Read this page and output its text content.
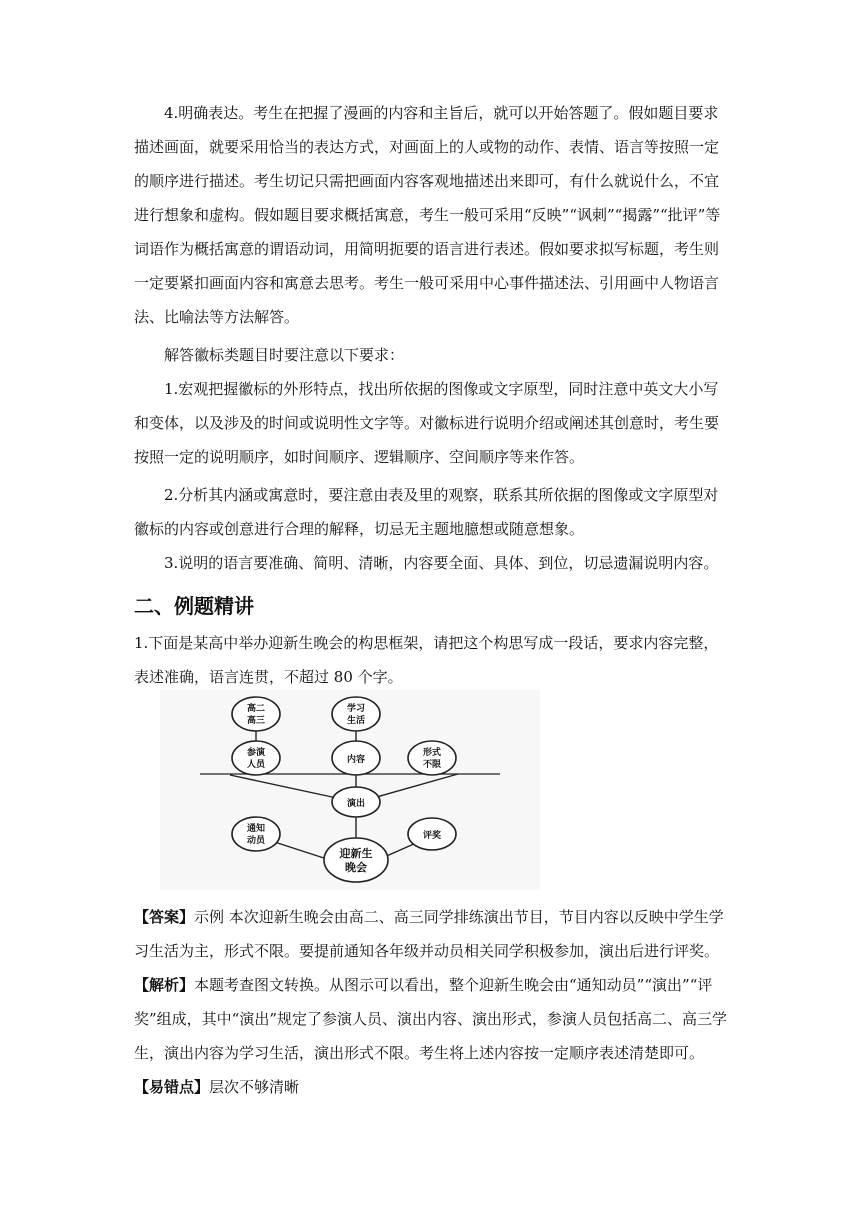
4.明确表达。考生在把握了漫画的内容和主旨后，就可以开始答题了。假如题目要求描述画面，就要采用恰当的表达方式，对画面上的人或物的动作、表情、语言等按照一定的顺序进行描述。考生切记只需把画面内容客观地描述出来即可，有什么就说什么，不宜进行想象和虚构。假如题目要求概括寓意，考生一般可采用“反映”“讽刺”“揭露”“批评”等词语作为概括寓意的谓语动词，用简明扼要的语言进行表述。假如要求拟写标题，考生则一定要紧扣画面内容和寓意去思考。考生一般可采用中心事件描述法、引用画中人物语言法、比喻法等方法解答。

解答徽标类题目时要注意以下要求：

1.宏观把握徽标的外形特点，找出所依据的图像或文字原型，同时注意中英文大小写和变体，以及涉及的时间或说明性文字等。对徽标进行说明介绍或阐述其创意时，考生要按照一定的说明顺序，如时间顺序、逻辑顺序、空间顺序等来作答。

2.分析其内涵或寓意时，要注意由表及里的观察，联系其所依据的图像或文字原型对徽标的内容或创意进行合理的解释，切忌无主题地臆想或随意想象。

3.说明的语言要准确、简明、清晰，内容要全面、具体、到位，切忌遗漏说明内容。

二、例题精讲

1.下面是某高中举办迎新生晚会的构思框架，请把这个构思写成一段话，要求内容完整，表述准确，语言连贯，不超过 80 个字。

高二
高三
学习
生活
参演
人员	内容
形式
不限
演出
通知
动员	评奖
迎新生
晚会

【答案】示例 本次迎新生晚会由高二、高三同学排练演出节目，节目内容以反映中学生学习生活为主，形式不限。要提前通知各年级并动员相关同学积极参加，演出后进行评奖。

【解析】本题考查图文转换。从图示可以看出，整个迎新生晚会由“通知动员”“演出”“评奖”组成，其中“演出”规定了参演人员、演出内容、演出形式，参演人员包括高二、高三学生，演出内容为学习生活，演出形式不限。考生将上述内容按一定顺序表述清楚即可。

【易错点】层次不够清晰
